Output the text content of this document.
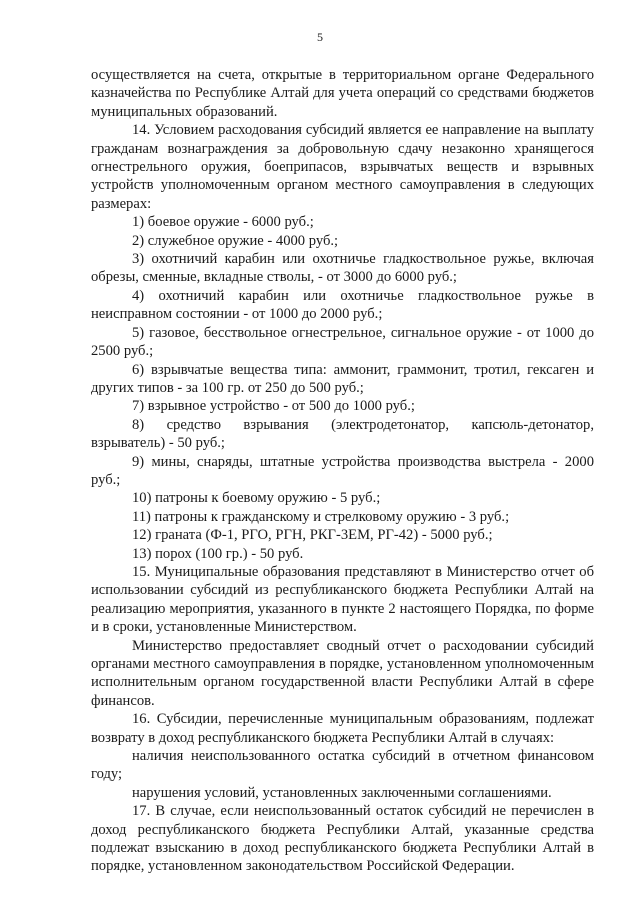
5

осуществляется на счета, открытые в территориальном органе Федерального казначейства по Республике Алтай для учета операций со средствами бюджетов муниципальных образований.

14. Условием расходования субсидий является ее направление на выплату гражданам вознаграждения за добровольную сдачу незаконно хранящегося огнестрельного оружия, боеприпасов, взрывчатых веществ и взрывных устройств уполномоченным органом местного самоуправления в следующих размерах:

1) боевое оружие - 6000 руб.;

2) служебное оружие - 4000 руб.;

3) охотничий карабин или охотничье гладкоствольное ружье, включая обрезы, сменные, вкладные стволы, - от 3000 до 6000 руб.;

4) охотничий карабин или охотничье гладкоствольное ружье в неисправном состоянии - от 1000 до 2000 руб.;

5) газовое, бесствольное огнестрельное, сигнальное оружие - от 1000 до 2500 руб.;

6) взрывчатые вещества типа: аммонит, граммонит, тротил, гексаген и других типов - за 100 гр. от 250 до 500 руб.;

7) взрывное устройство - от 500 до 1000 руб.;

8) средство взрывания (электродетонатор, капсюль-детонатор, взрыватель) - 50 руб.;

9) мины, снаряды, штатные устройства производства выстрела - 2000 руб.;

10) патроны к боевому оружию - 5 руб.;

11) патроны к гражданскому и стрелковому оружию - 3 руб.;

12) граната (Ф-1, РГО, РГН, РКГ-3ЕМ, РГ-42) - 5000 руб.;

13) порох (100 гр.) - 50 руб.

15. Муниципальные образования представляют в Министерство отчет об использовании субсидий из республиканского бюджета Республики Алтай на реализацию мероприятия, указанного в пункте 2 настоящего Порядка, по форме и в сроки, установленные Министерством.

Министерство предоставляет сводный отчет о расходовании субсидий органами местного самоуправления в порядке, установленном уполномоченным исполнительным органом государственной власти Республики Алтай в сфере финансов.

16. Субсидии, перечисленные муниципальным образованиям, подлежат возврату в доход республиканского бюджета Республики Алтай в случаях:

наличия неиспользованного остатка субсидий в отчетном финансовом году;

нарушения условий, установленных заключенными соглашениями.

17. В случае, если неиспользованный остаток субсидий не перечислен в доход республиканского бюджета Республики Алтай, указанные средства подлежат взысканию в доход республиканского бюджета Республики Алтай в порядке, установленном законодательством Российской Федерации.
